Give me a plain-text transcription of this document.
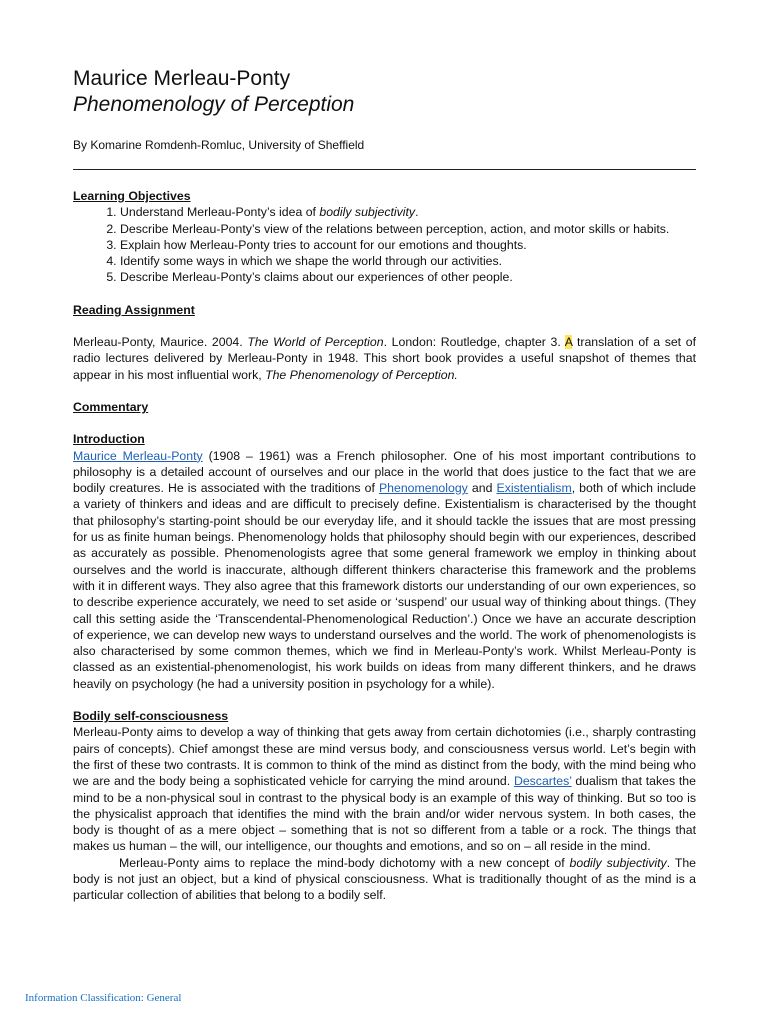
Maurice Merleau-Ponty
Phenomenology of Perception

By Komarine Romdenh-Romluc, University of Sheffield

Learning Objectives

1. Understand Merleau-Ponty’s idea of bodily subjectivity.
2. Describe Merleau-Ponty’s view of the relations between perception, action, and motor skills or habits.
3. Explain how Merleau-Ponty tries to account for our emotions and thoughts.
4. Identify some ways in which we shape the world through our activities.
5. Describe Merleau-Ponty’s claims about our experiences of other people.

Reading Assignment

Merleau-Ponty, Maurice. 2004. The World of Perception. London: Routledge, chapter 3. A translation of a set of radio lectures delivered by Merleau-Ponty in 1948. This short book provides a useful snapshot of themes that appear in his most influential work, The Phenomenology of Perception.

Commentary

Introduction

Maurice Merleau-Ponty (1908 – 1961) was a French philosopher. One of his most important contributions to philosophy is a detailed account of ourselves and our place in the world that does justice to the fact that we are bodily creatures. He is associated with the traditions of Phenomenology and Existentialism, both of which include a variety of thinkers and ideas and are difficult to precisely define. Existentialism is characterised by the thought that philosophy’s starting-point should be our everyday life, and it should tackle the issues that are most pressing for us as finite human beings. Phenomenology holds that philosophy should begin with our experiences, described as accurately as possible. Phenomenologists agree that some general framework we employ in thinking about ourselves and the world is inaccurate, although different thinkers characterise this framework and the problems with it in different ways. They also agree that this framework distorts our understanding of our own experiences, so to describe experience accurately, we need to set aside or ‘suspend’ our usual way of thinking about things. (They call this setting aside the ‘Transcendental-Phenomenological Reduction’.) Once we have an accurate description of experience, we can develop new ways to understand ourselves and the world. The work of phenomenologists is also characterised by some common themes, which we find in Merleau-Ponty’s work. Whilst Merleau-Ponty is classed as an existential-phenomenologist, his work builds on ideas from many different thinkers, and he draws heavily on psychology (he had a university position in psychology for a while).

Bodily self-consciousness

Merleau-Ponty aims to develop a way of thinking that gets away from certain dichotomies (i.e., sharply contrasting pairs of concepts). Chief amongst these are mind versus body, and consciousness versus world. Let’s begin with the first of these two contrasts. It is common to think of the mind as distinct from the body, with the mind being who we are and the body being a sophisticated vehicle for carrying the mind around. Descartes’ dualism that takes the mind to be a non-physical soul in contrast to the physical body is an example of this way of thinking. But so too is the physicalist approach that identifies the mind with the brain and/or wider nervous system. In both cases, the body is thought of as a mere object – something that is not so different from a table or a rock. The things that makes us human – the will, our intelligence, our thoughts and emotions, and so on – all reside in the mind.

Merleau-Ponty aims to replace the mind-body dichotomy with a new concept of bodily subjectivity. The body is not just an object, but a kind of physical consciousness. What is traditionally thought of as the mind is a particular collection of abilities that belong to a bodily self.

Information Classification: General
